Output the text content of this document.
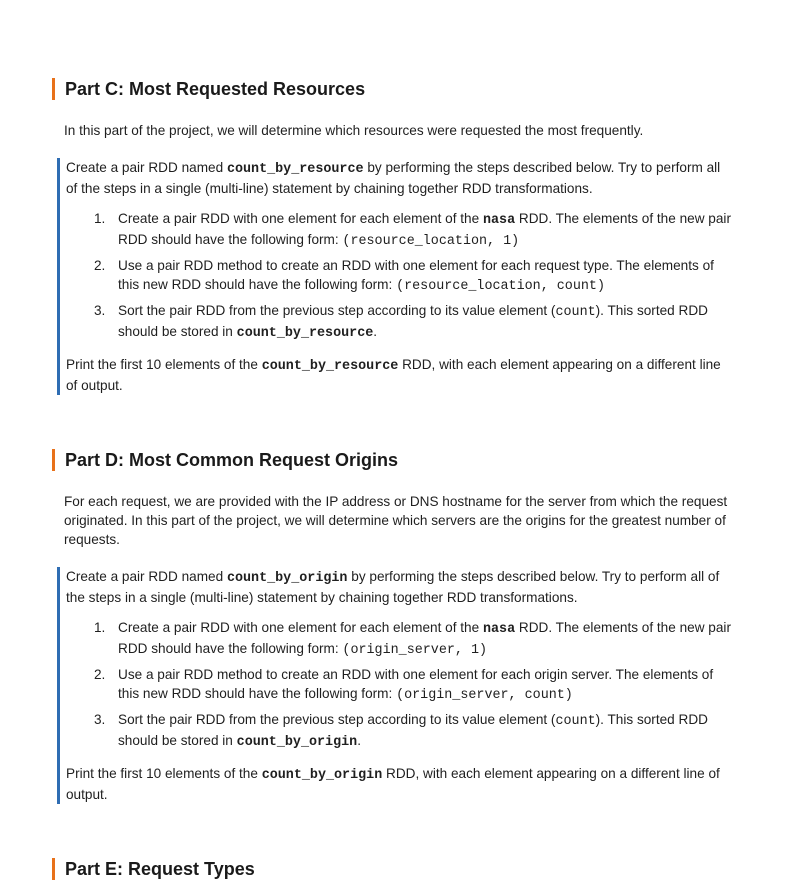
Part C: Most Requested Resources
In this part of the project, we will determine which resources were requested the most frequently.
Create a pair RDD named count_by_resource by performing the steps described below. Try to perform all
of the steps in a single (multi-line) statement by chaining together RDD transformations.
1. Create a pair RDD with one element for each element of the nasa RDD. The elements of the new pair
RDD should have the following form: (resource_location, 1)
2. Use a pair RDD method to create an RDD with one element for each request type. The elements of
this new RDD should have the following form: (resource_location, count)
3. Sort the pair RDD from the previous step according to its value element (count). This sorted RDD
should be stored in count_by_resource.
Print the first 10 elements of the count_by_resource RDD, with each element appearing on a different line
of output.
Part D: Most Common Request Origins
For each request, we are provided with the IP address or DNS hostname for the server from which the request
originated. In this part of the project, we will determine which servers are the origins for the greatest number of
requests.
Create a pair RDD named count_by_origin by performing the steps described below. Try to perform all of
the steps in a single (multi-line) statement by chaining together RDD transformations.
1. Create a pair RDD with one element for each element of the nasa RDD. The elements of the new pair
RDD should have the following form: (origin_server, 1)
2. Use a pair RDD method to create an RDD with one element for each origin server. The elements of
this new RDD should have the following form: (origin_server, count)
3. Sort the pair RDD from the previous step according to its value element (count). This sorted RDD
should be stored in count_by_origin.
Print the first 10 elements of the count_by_origin RDD, with each element appearing on a different line of
output.
Part E: Request Types
